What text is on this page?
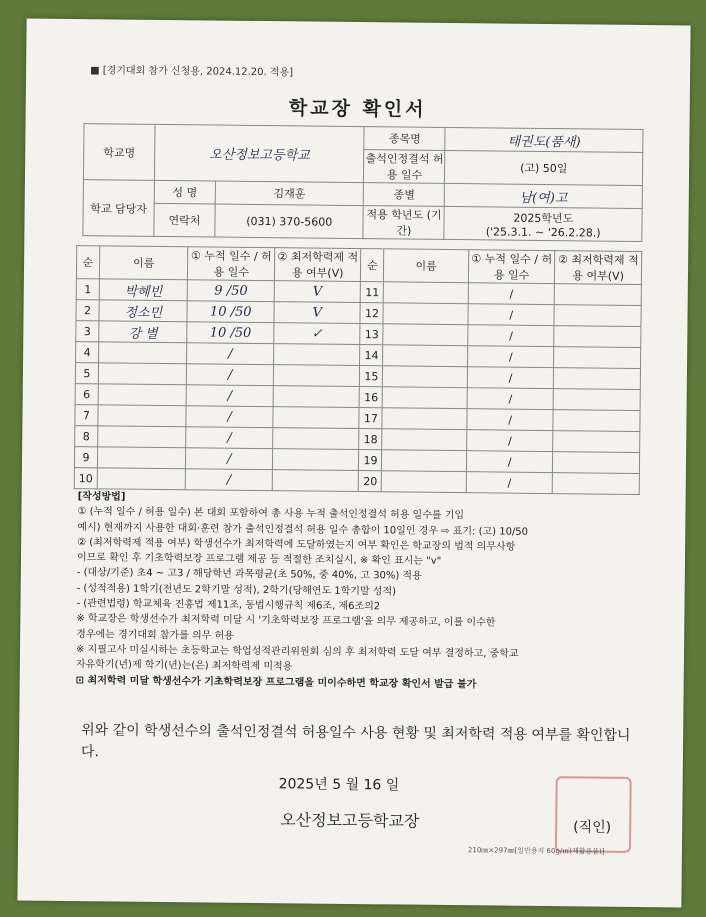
■ [경기대회 참가 신청용, 2024.12.20. 적용]
학교장 확인서
학교명	오산정보고등학교		종목명	태권도(품새)
			출석인정결석 허용 일수	(고) 50일
학교 담당자	성 명	김재훈	종별	남(여)고
	연락처	(031) 370-5600	적용 학년도 (기간)	2025학년도
('25.3.1. ~ '26.2.28.)
순	이름	① 누적 일수 / 허용 일수	② 최저학력제 적용 여부(V)	순	이름	① 누적 일수 / 허용 일수	② 최저학력제 적용 여부(V)
1	박혜빈	9 /50	V	11		/	
2	정소민	10 /50	V	12		/	
3	강 별	10 /50	✓	13		/	
4		/		14		/	
5		/		15		/	
6		/		16		/	
7		/		17		/	
8		/		18		/	
9		/		19		/	
10		/		20		/	

[작성방법]

① (누적 일수 / 허용 일수) 본 대회 포함하여 총 사용 누적 출석인정결석 허용 일수를 기입

예시) 현재까지 사용한 대회·훈련 참가 출석인정결석 허용 일수 총합이 10일인 경우 ⇨ 표기: (고) 10/50

② (최저학력제 적용 여부) 학생선수가 최저학력에 도달하였는지 여부 확인은 학교장의 법적 의무사항

이므로 확인 후 기초학력보장 프로그램 제공 등 적절한 조치실시, ※ 확인 표시는 "v"

- (대상/기준) 초4 ~ 고3 / 해당학년 과목평균(초 50%, 중 40%, 고 30%) 적용

- (성적적용) 1학기(전년도 2학기말 성적), 2학기(당해연도 1학기말 성적)

- (관련법령) 학교체육 진흥법 제11조, 동법시행규칙 제6조, 제6조의2

※ 학교장은 학생선수가 최저학력 미달 시 '기초학력보장 프로그램'을 의무 제공하고, 이를 이수한

경우에는 경기대회 참가를 의무 허용

※ 지필고사 미실시하는 초등학교는 학업성적관리위원회 심의 후 최저학력 도달 여부 결정하고, 중학교

자유학기(년)제 학기(년)는(은) 최저학력제 미적용

⊡ 최저학력 미달 학생선수가 기초학력보장 프로그램을 미이수하면 학교장 확인서 발급 불가

위와 같이 학생선수의 출석인정결석 허용일수 사용 현황 및 최저학력 적용 여부를 확인합니다.
2025년 5 월 16 일
오산정보고등학교장	(직인)
210㎜×297㎜[일반용지 60g/㎡(재활용품)]
